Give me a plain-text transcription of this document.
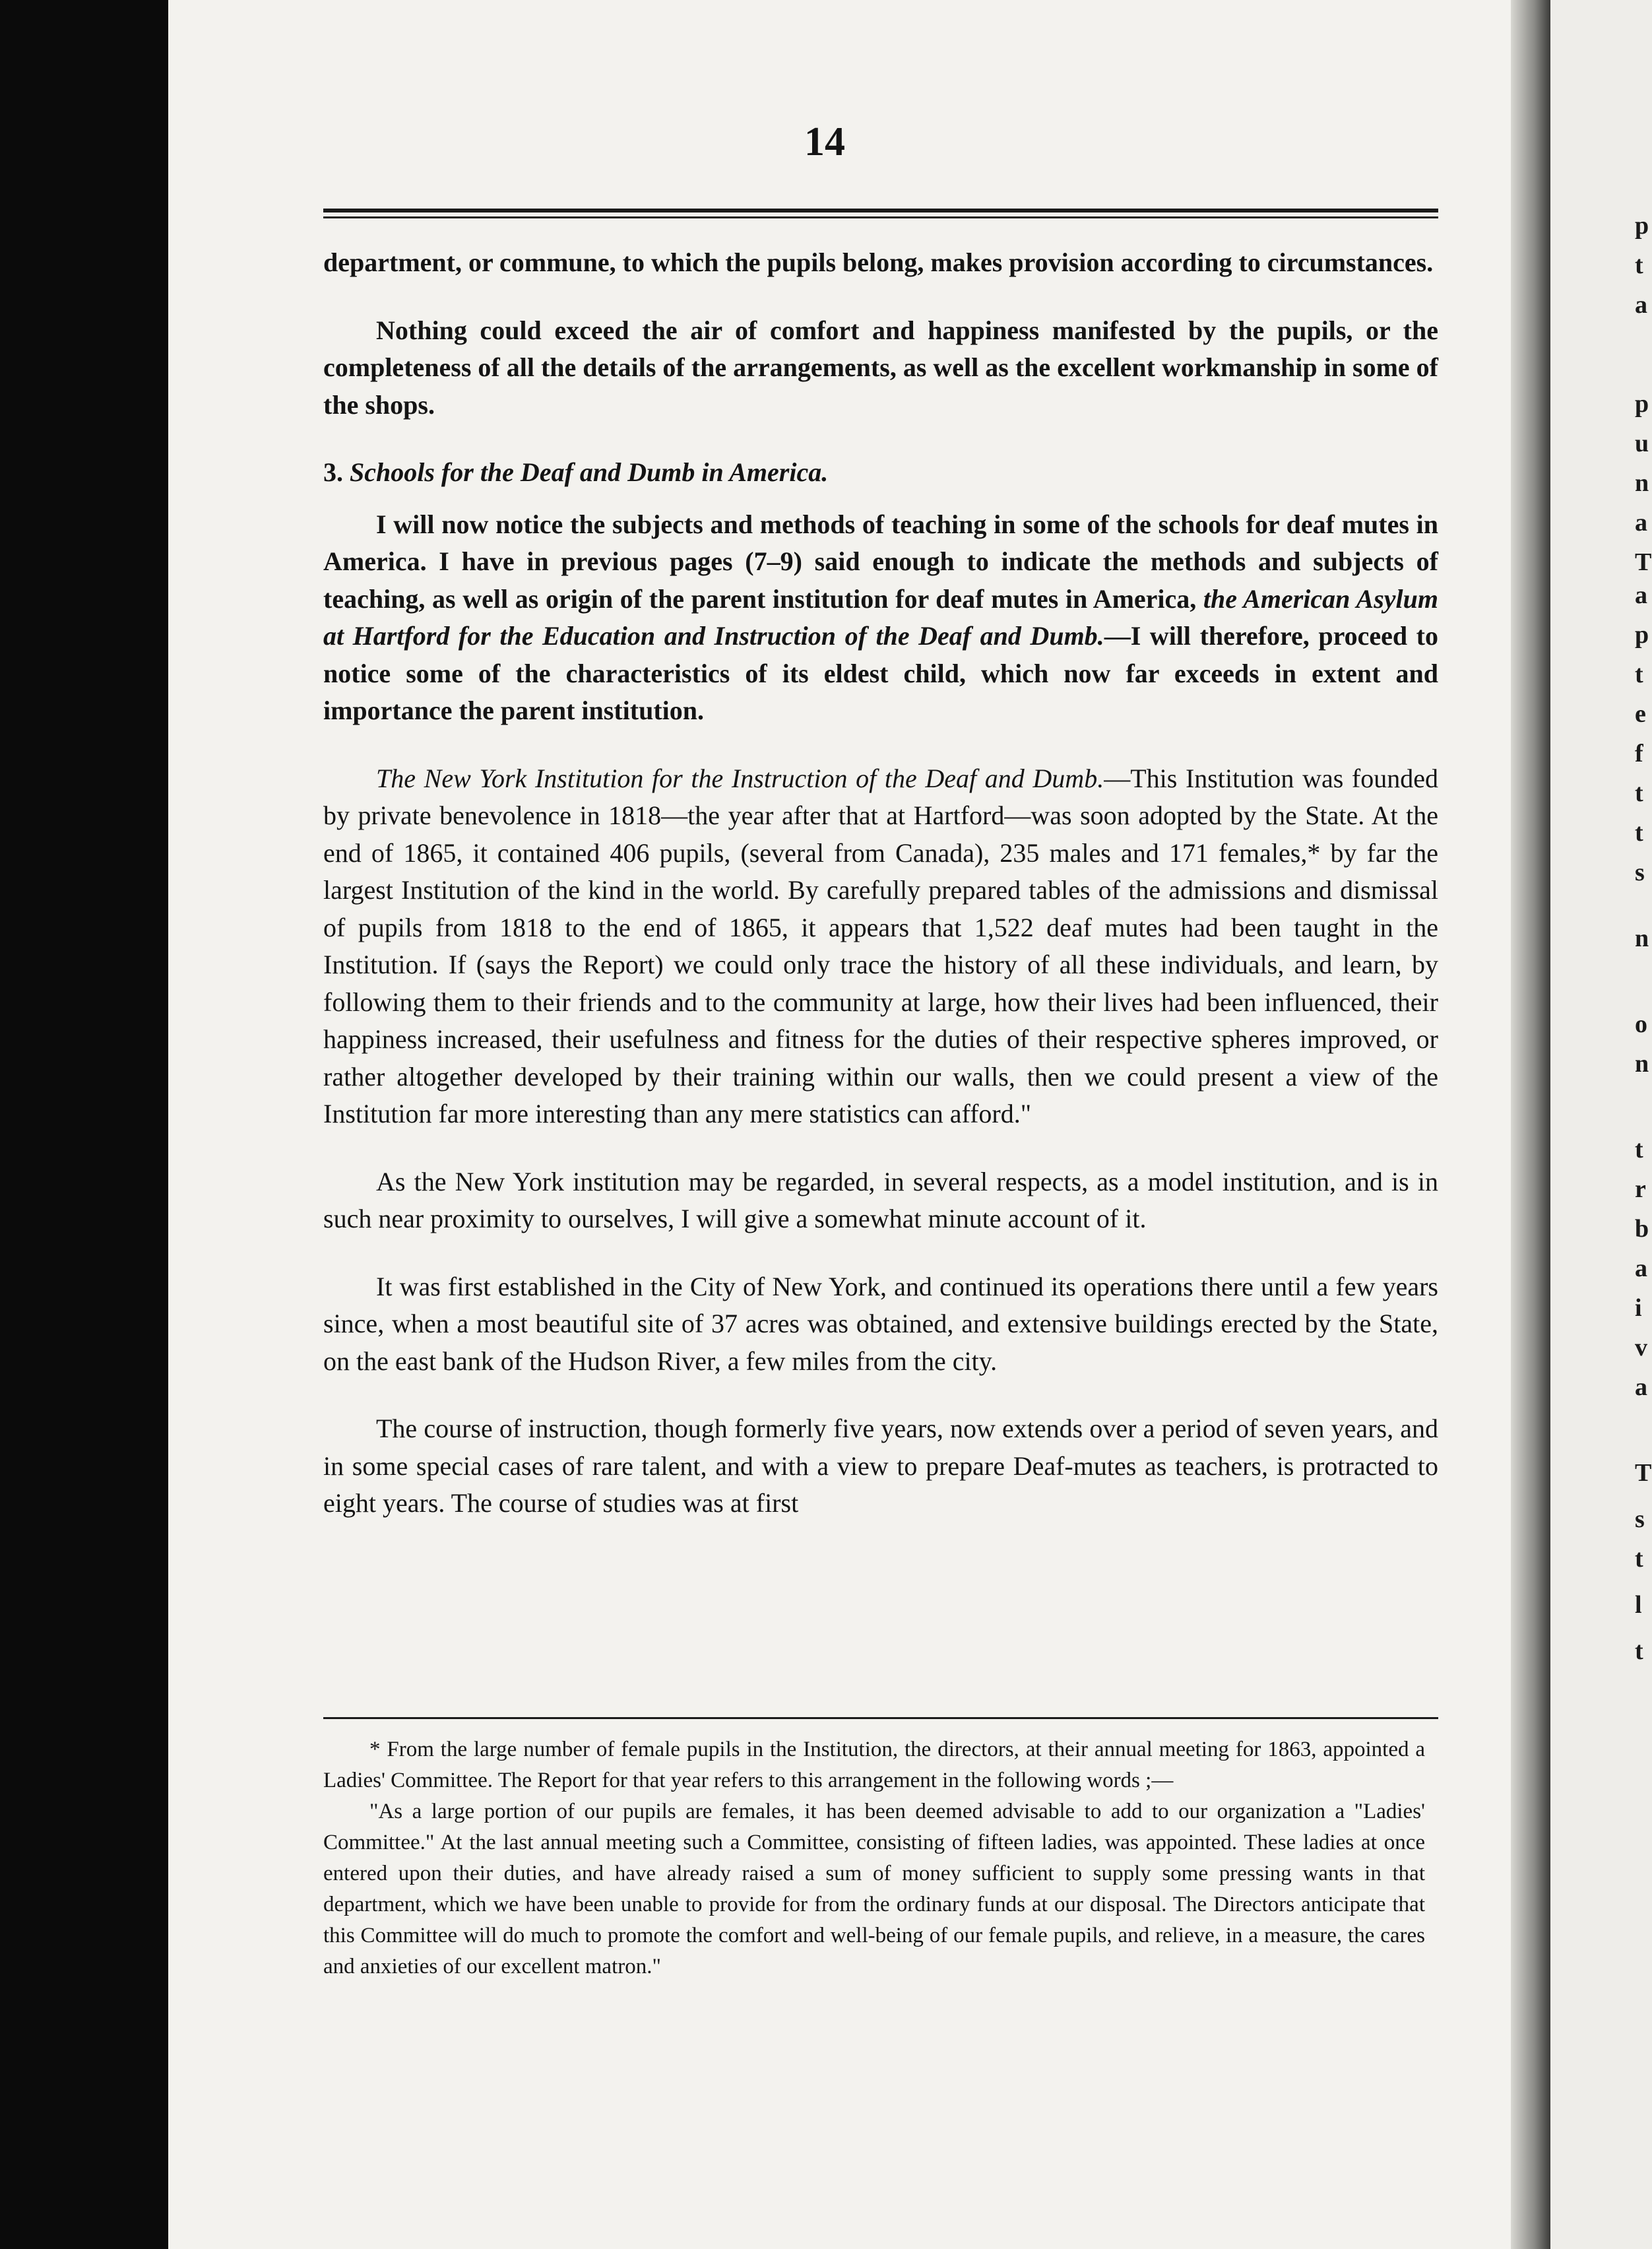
p
t
a
p
u
n
a
T
a
p
t
e
f
t
t
s
n
o
n
t
r
b
a
i
v
a
T
s
t
l
t
14

department, or commune, to which the pupils belong, makes provision according to circumstances.

Nothing could exceed the air of comfort and happiness manifested by the pupils, or the completeness of all the details of the arrangements, as well as the excellent workmanship in some of the shops.

3. Schools for the Deaf and Dumb in America.

I will now notice the subjects and methods of teaching in some of the schools for deaf mutes in America. I have in previous pages (7–9) said enough to indicate the methods and subjects of teaching, as well as origin of the parent institution for deaf mutes in America, the American Asylum at Hartford for the Education and Instruction of the Deaf and Dumb.—I will therefore, proceed to notice some of the characteristics of its eldest child, which now far exceeds in extent and importance the parent institution.

The New York Institution for the Instruction of the Deaf and Dumb.—This Institution was founded by private benevolence in 1818—the year after that at Hartford—was soon adopted by the State. At the end of 1865, it contained 406 pupils, (several from Canada), 235 males and 171 females,* by far the largest Institution of the kind in the world. By carefully prepared tables of the admissions and dismissal of pupils from 1818 to the end of 1865, it appears that 1,522 deaf mutes had been taught in the Institution. If (says the Report) we could only trace the history of all these individuals, and learn, by following them to their friends and to the community at large, how their lives had been influenced, their happiness increased, their usefulness and fitness for the duties of their respective spheres improved, or rather altogether developed by their training within our walls, then we could present a view of the Institution far more interesting than any mere statistics can afford."

As the New York institution may be regarded, in several respects, as a model institution, and is in such near proximity to ourselves, I will give a somewhat minute account of it.

It was first established in the City of New York, and continued its operations there until a few years since, when a most beautiful site of 37 acres was obtained, and extensive buildings erected by the State, on the east bank of the Hudson River, a few miles from the city.

The course of instruction, though formerly five years, now extends over a period of seven years, and in some special cases of rare talent, and with a view to prepare Deaf-mutes as teachers, is protracted to eight years. The course of studies was at first

* From the large number of female pupils in the Institution, the directors, at their annual meeting for 1863, appointed a Ladies' Committee. The Report for that year refers to this arrangement in the following words ;—

"As a large portion of our pupils are females, it has been deemed advisable to add to our organization a "Ladies' Committee." At the last annual meeting such a Committee, consisting of fifteen ladies, was appointed. These ladies at once entered upon their duties, and have already raised a sum of money sufficient to supply some pressing wants in that department, which we have been unable to provide for from the ordinary funds at our disposal. The Directors anticipate that this Committee will do much to promote the comfort and well-being of our female pupils, and relieve, in a measure, the cares and anxieties of our excellent matron."
